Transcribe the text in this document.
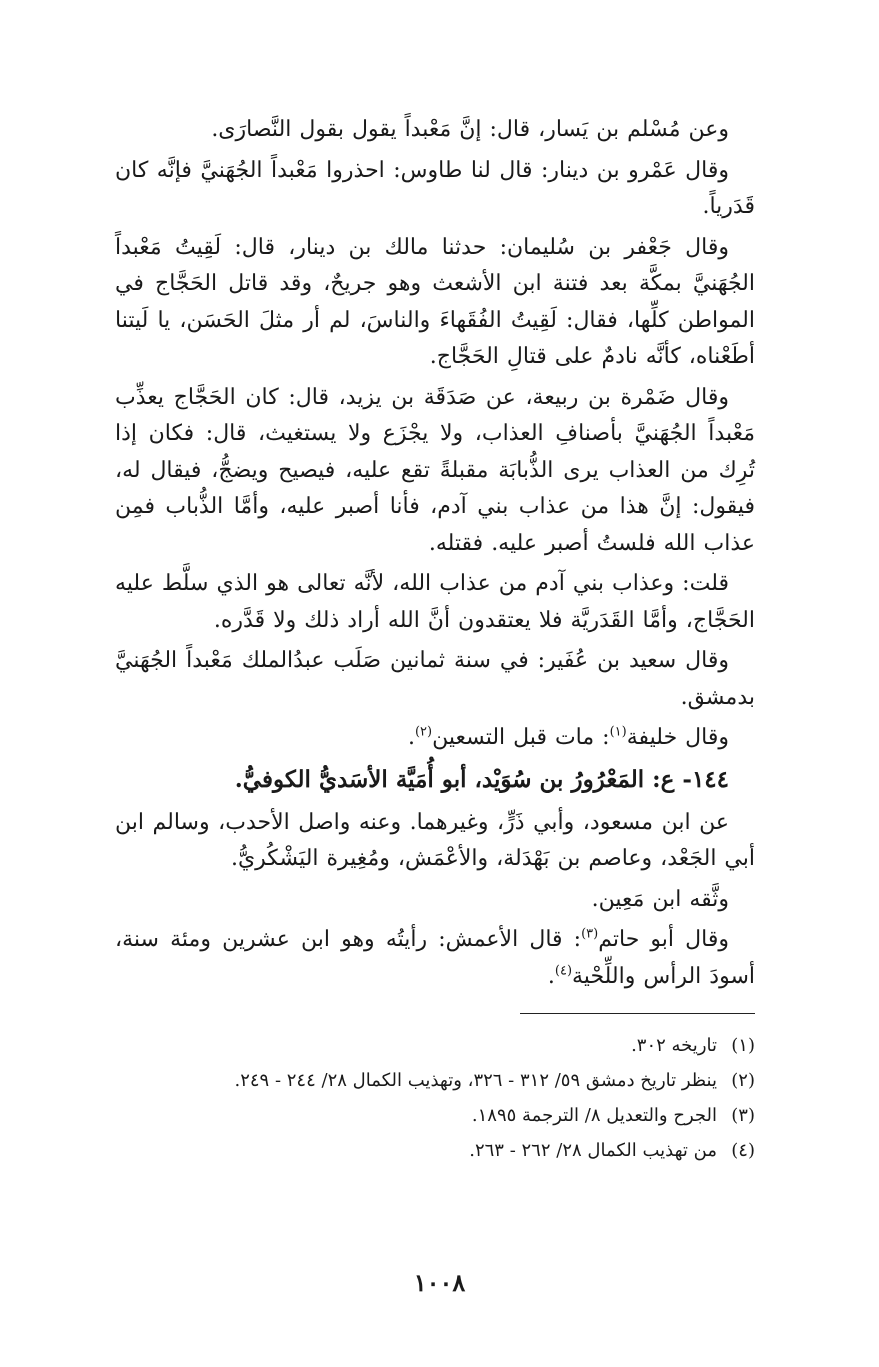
وعن مُسْلم بن يَسار، قال: إنَّ مَعْبداً يقول بقول النَّصارَى.

وقال عَمْرو بن دينار: قال لنا طاوس: احذروا مَعْبداً الجُهَنيَّ فإنَّه كان قَدَرياً.

وقال جَعْفر بن سُليمان: حدثنا مالك بن دينار، قال: لَقِيتُ مَعْبداً الجُهَنيَّ بمكَّة بعد فتنة ابن الأشعث وهو جريحٌ، وقد قاتل الحَجَّاج في المواطن كلِّها، فقال: لَقِيتُ الفُقَهاءَ والناسَ، لم أر مثلَ الحَسَن، يا لَيتنا أطَعْناه، كأنَّه نادمٌ على قتالِ الحَجَّاج.

وقال ضَمْرة بن ربيعة، عن صَدَقَة بن يزيد، قال: كان الحَجَّاج يعذِّب مَعْبداً الجُهَنيَّ بأصنافِ العذاب، ولا يجْزَع ولا يستغيث، قال: فكان إذا تُرِك من العذاب يرى الذُّبابَة مقبلةً تقع عليه، فيصيح ويضجُّ، فيقال له، فيقول: إنَّ هذا من عذاب بني آدم، فأنا أصبر عليه، وأمَّا الذُّباب فمِن عذاب الله فلستُ أصبر عليه. فقتله.

قلت: وعذاب بني آدم من عذاب الله، لأنَّه تعالى هو الذي سلَّط عليه الحَجَّاج، وأمَّا القَدَريَّة فلا يعتقدون أنَّ الله أراد ذلك ولا قَدَّره.

وقال سعيد بن عُفَير: في سنة ثمانين صَلَب عبدُالملك مَعْبداً الجُهَنيَّ بدمشق.

وقال خليفة$^{(١)}$: مات قبل التسعين$^{(٢)}$.

١٤٤- ع: المَعْرُورُ بن سُوَيْد، أبو أُمَيَّة الأسَديُّ الكوفيُّ.

عن ابن مسعود، وأبي ذَرٍّ، وغيرهما. وعنه واصل الأحدب، وسالم ابن أبي الجَعْد، وعاصم بن بَهْدَلة، والأعْمَش، ومُغِيرة اليَشْكُريُّ.

وثَّقه ابن مَعِين.

وقال أبو حاتم$^{(٣)}$: قال الأعمش: رأيتُه وهو ابن عشرين ومئة سنة، أسودَ الرأس واللِّحْية$^{(٤)}$.

(١)
تاريخه ٣٠٢.

(٢)
ينظر تاريخ دمشق ٥٩/ ٣١٢ - ٣٢٦، وتهذيب الكمال ٢٨/ ٢٤٤ - ٢٤٩.

(٣)
الجرح والتعديل ٨/ الترجمة ١٨٩٥.

(٤)
من تهذيب الكمال ٢٨/ ٢٦٢ - ٢٦٣.

١٠٠٨
